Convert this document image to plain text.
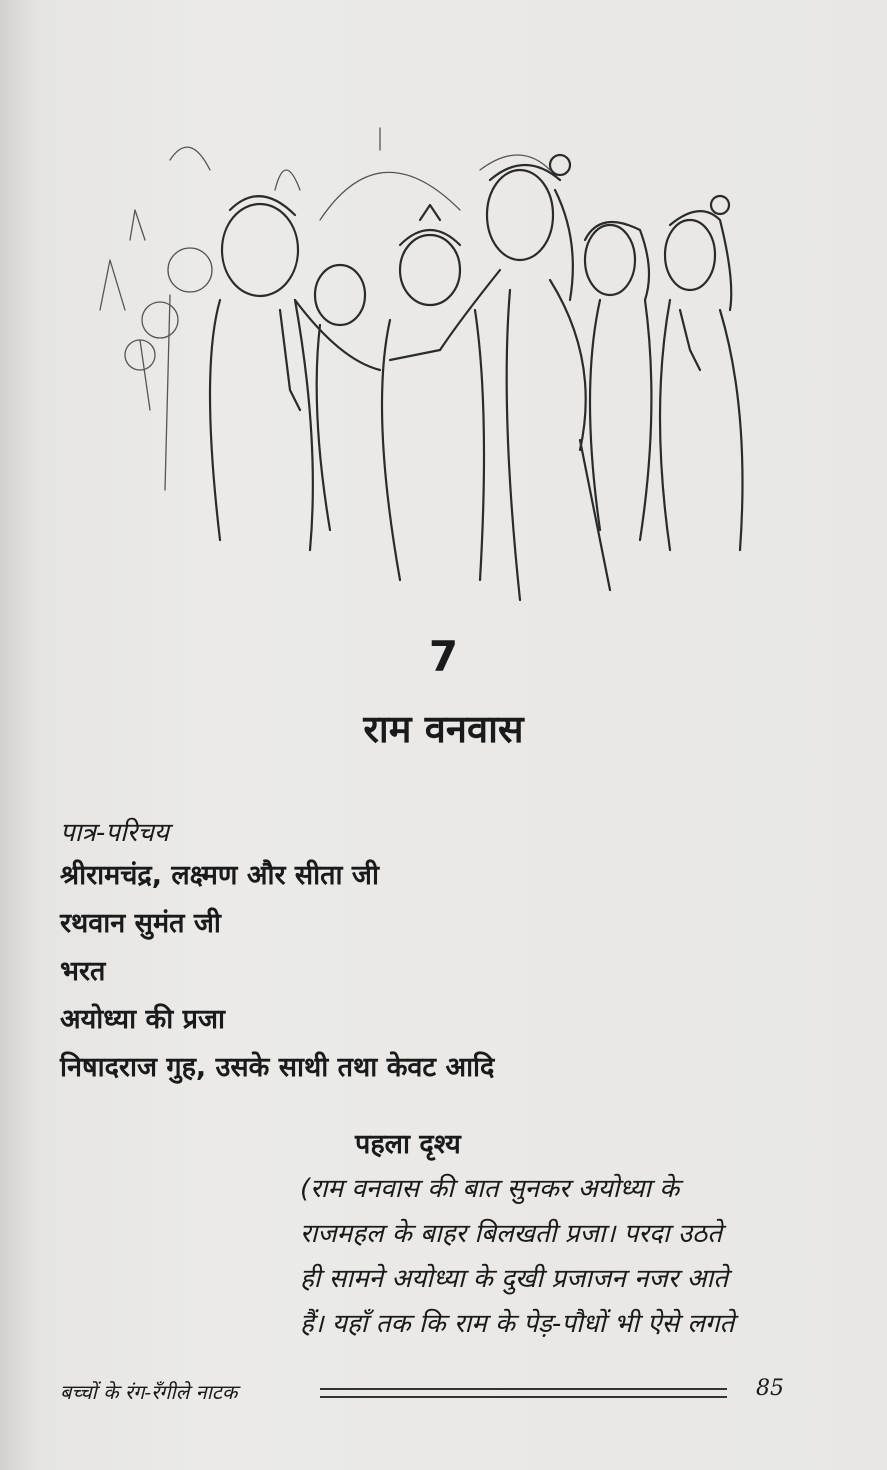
7
राम वनवास
पात्र-परिचय
श्रीरामचंद्र, लक्ष्मण और सीता जी
रथवान सुमंत जी
भरत
अयोध्या की प्रजा
निषादराज गुह, उसके साथी तथा केवट आदि
पहला दृश्य

(राम वनवास की बात सुनकर अयोध्या के
राजमहल के बाहर बिलखती प्रजा। परदा उठते
ही सामने अयोध्या के दुखी प्रजाजन नजर आते
हैं। यहाँ तक कि राम के पेड़-पौधों भी ऐसे लगते

बच्चों के रंग-रँगीले नाटक	85
